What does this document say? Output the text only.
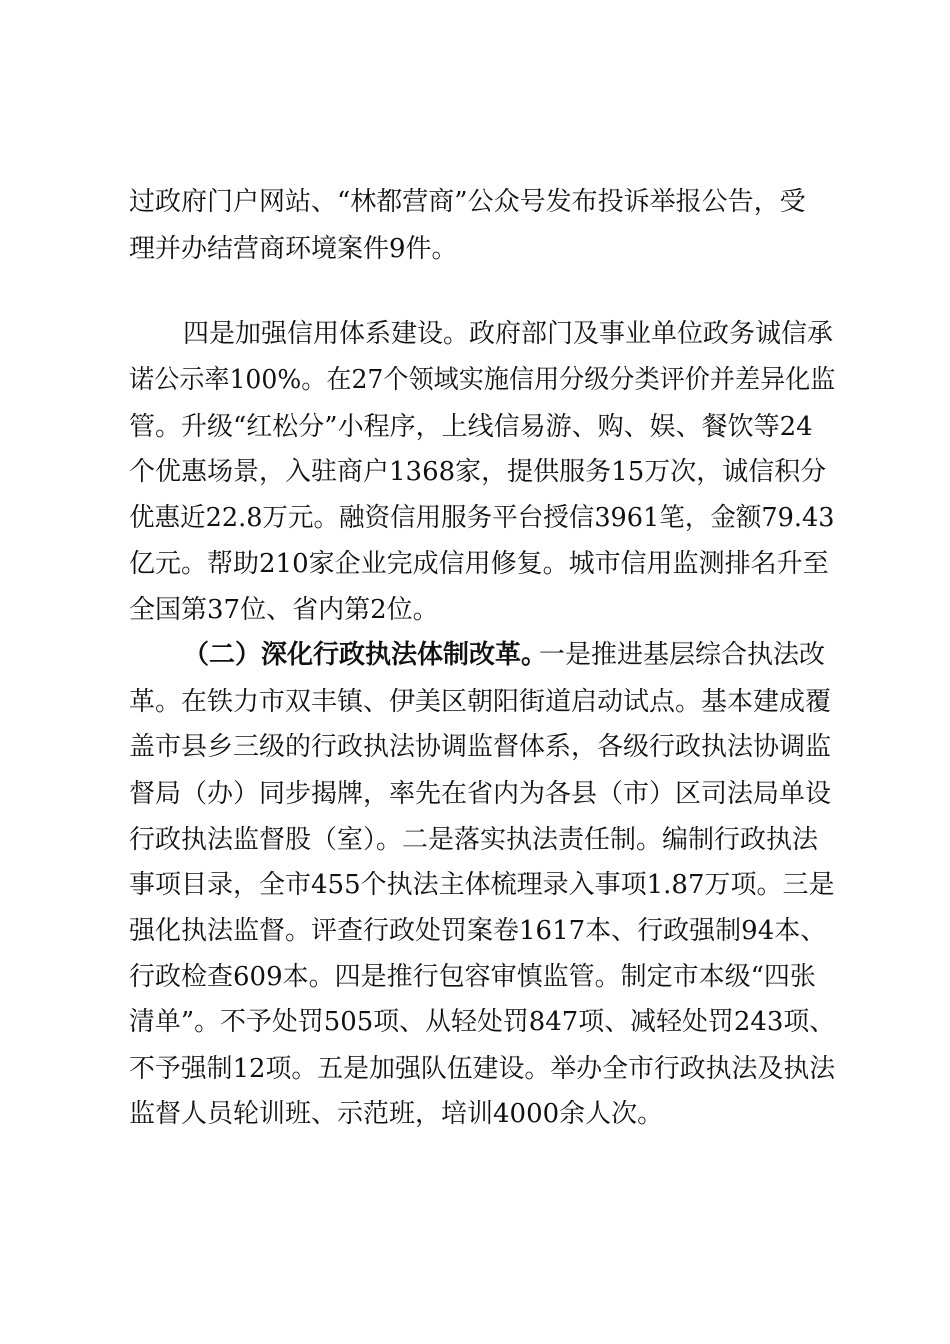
过政府门户网站、“林都营商”公众号发布投诉举报公告，受
理并办结营商环境案件9件。
四是加强信用体系建设。政府部门及事业单位政务诚信承
诺公示率100%。在27个领域实施信用分级分类评价并差异化监
管。升级“红松分”小程序，上线信易游、购、娱、餐饮等24
个优惠场景，入驻商户1368家，提供服务15万次，诚信积分
优惠近22.8万元。融资信用服务平台授信3961笔，金额79.43
亿元。帮助210家企业完成信用修复。城市信用监测排名升至
全国第37位、省内第2位。
（二）深化行政执法体制改革。
一是推进基层综合执法改
革。在铁力市双丰镇、伊美区朝阳街道启动试点。基本建成覆
盖市县乡三级的行政执法协调监督体系，各级行政执法协调监
督局（办）同步揭牌，率先在省内为各县（市）区司法局单设
行政执法监督股（室）。二是落实执法责任制。编制行政执法
事项目录，全市455个执法主体梳理录入事项1.87万项。三是
强化执法监督。评查行政处罚案卷1617本、行政强制94本、
行政检查609本。四是推行包容审慎监管。制定市本级“四张
清单”。不予处罚505项、从轻处罚847项、减轻处罚243项、
不予强制12项。五是加强队伍建设。举办全市行政执法及执法
监督人员轮训班、示范班，培训4000余人次。
